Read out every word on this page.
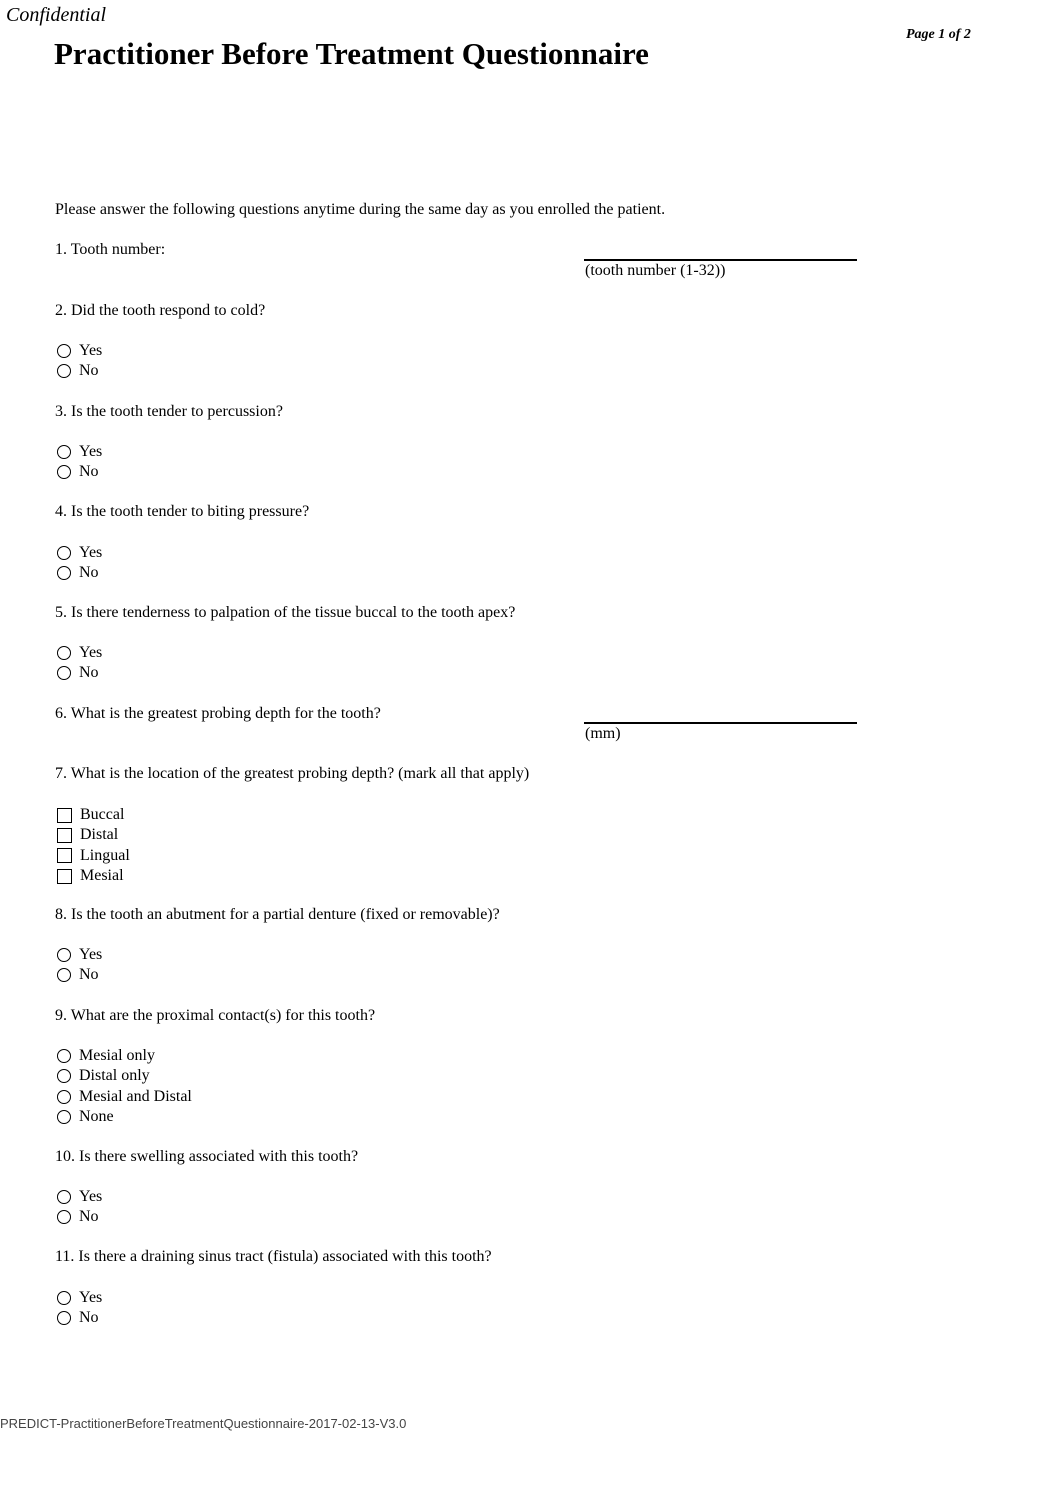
Confidential
Page 1 of 2
Practitioner Before Treatment Questionnaire
Please answer the following questions anytime during the same day as you enrolled the patient.
1. Tooth number:
(tooth number (1-32))
2. Did the tooth respond to cold?
Yes
No
3. Is the tooth tender to percussion?
Yes
No
4. Is the tooth tender to biting pressure?
Yes
No
5. Is there tenderness to palpation of the tissue buccal to the tooth apex?
Yes
No
6. What is the greatest probing depth for the tooth?
(mm)
7. What is the location of the greatest probing depth? (mark all that apply)
Buccal
Distal
Lingual
Mesial
8. Is the tooth an abutment for a partial denture (fixed or removable)?
Yes
No
9. What are the proximal contact(s) for this tooth?
Mesial only
Distal only
Mesial and Distal
None
10. Is there swelling associated with this tooth?
Yes
No
11. Is there a draining sinus tract (fistula) associated with this tooth?
Yes
No
PREDICT-PractitionerBeforeTreatmentQuestionnaire-2017-02-13-V3.0
